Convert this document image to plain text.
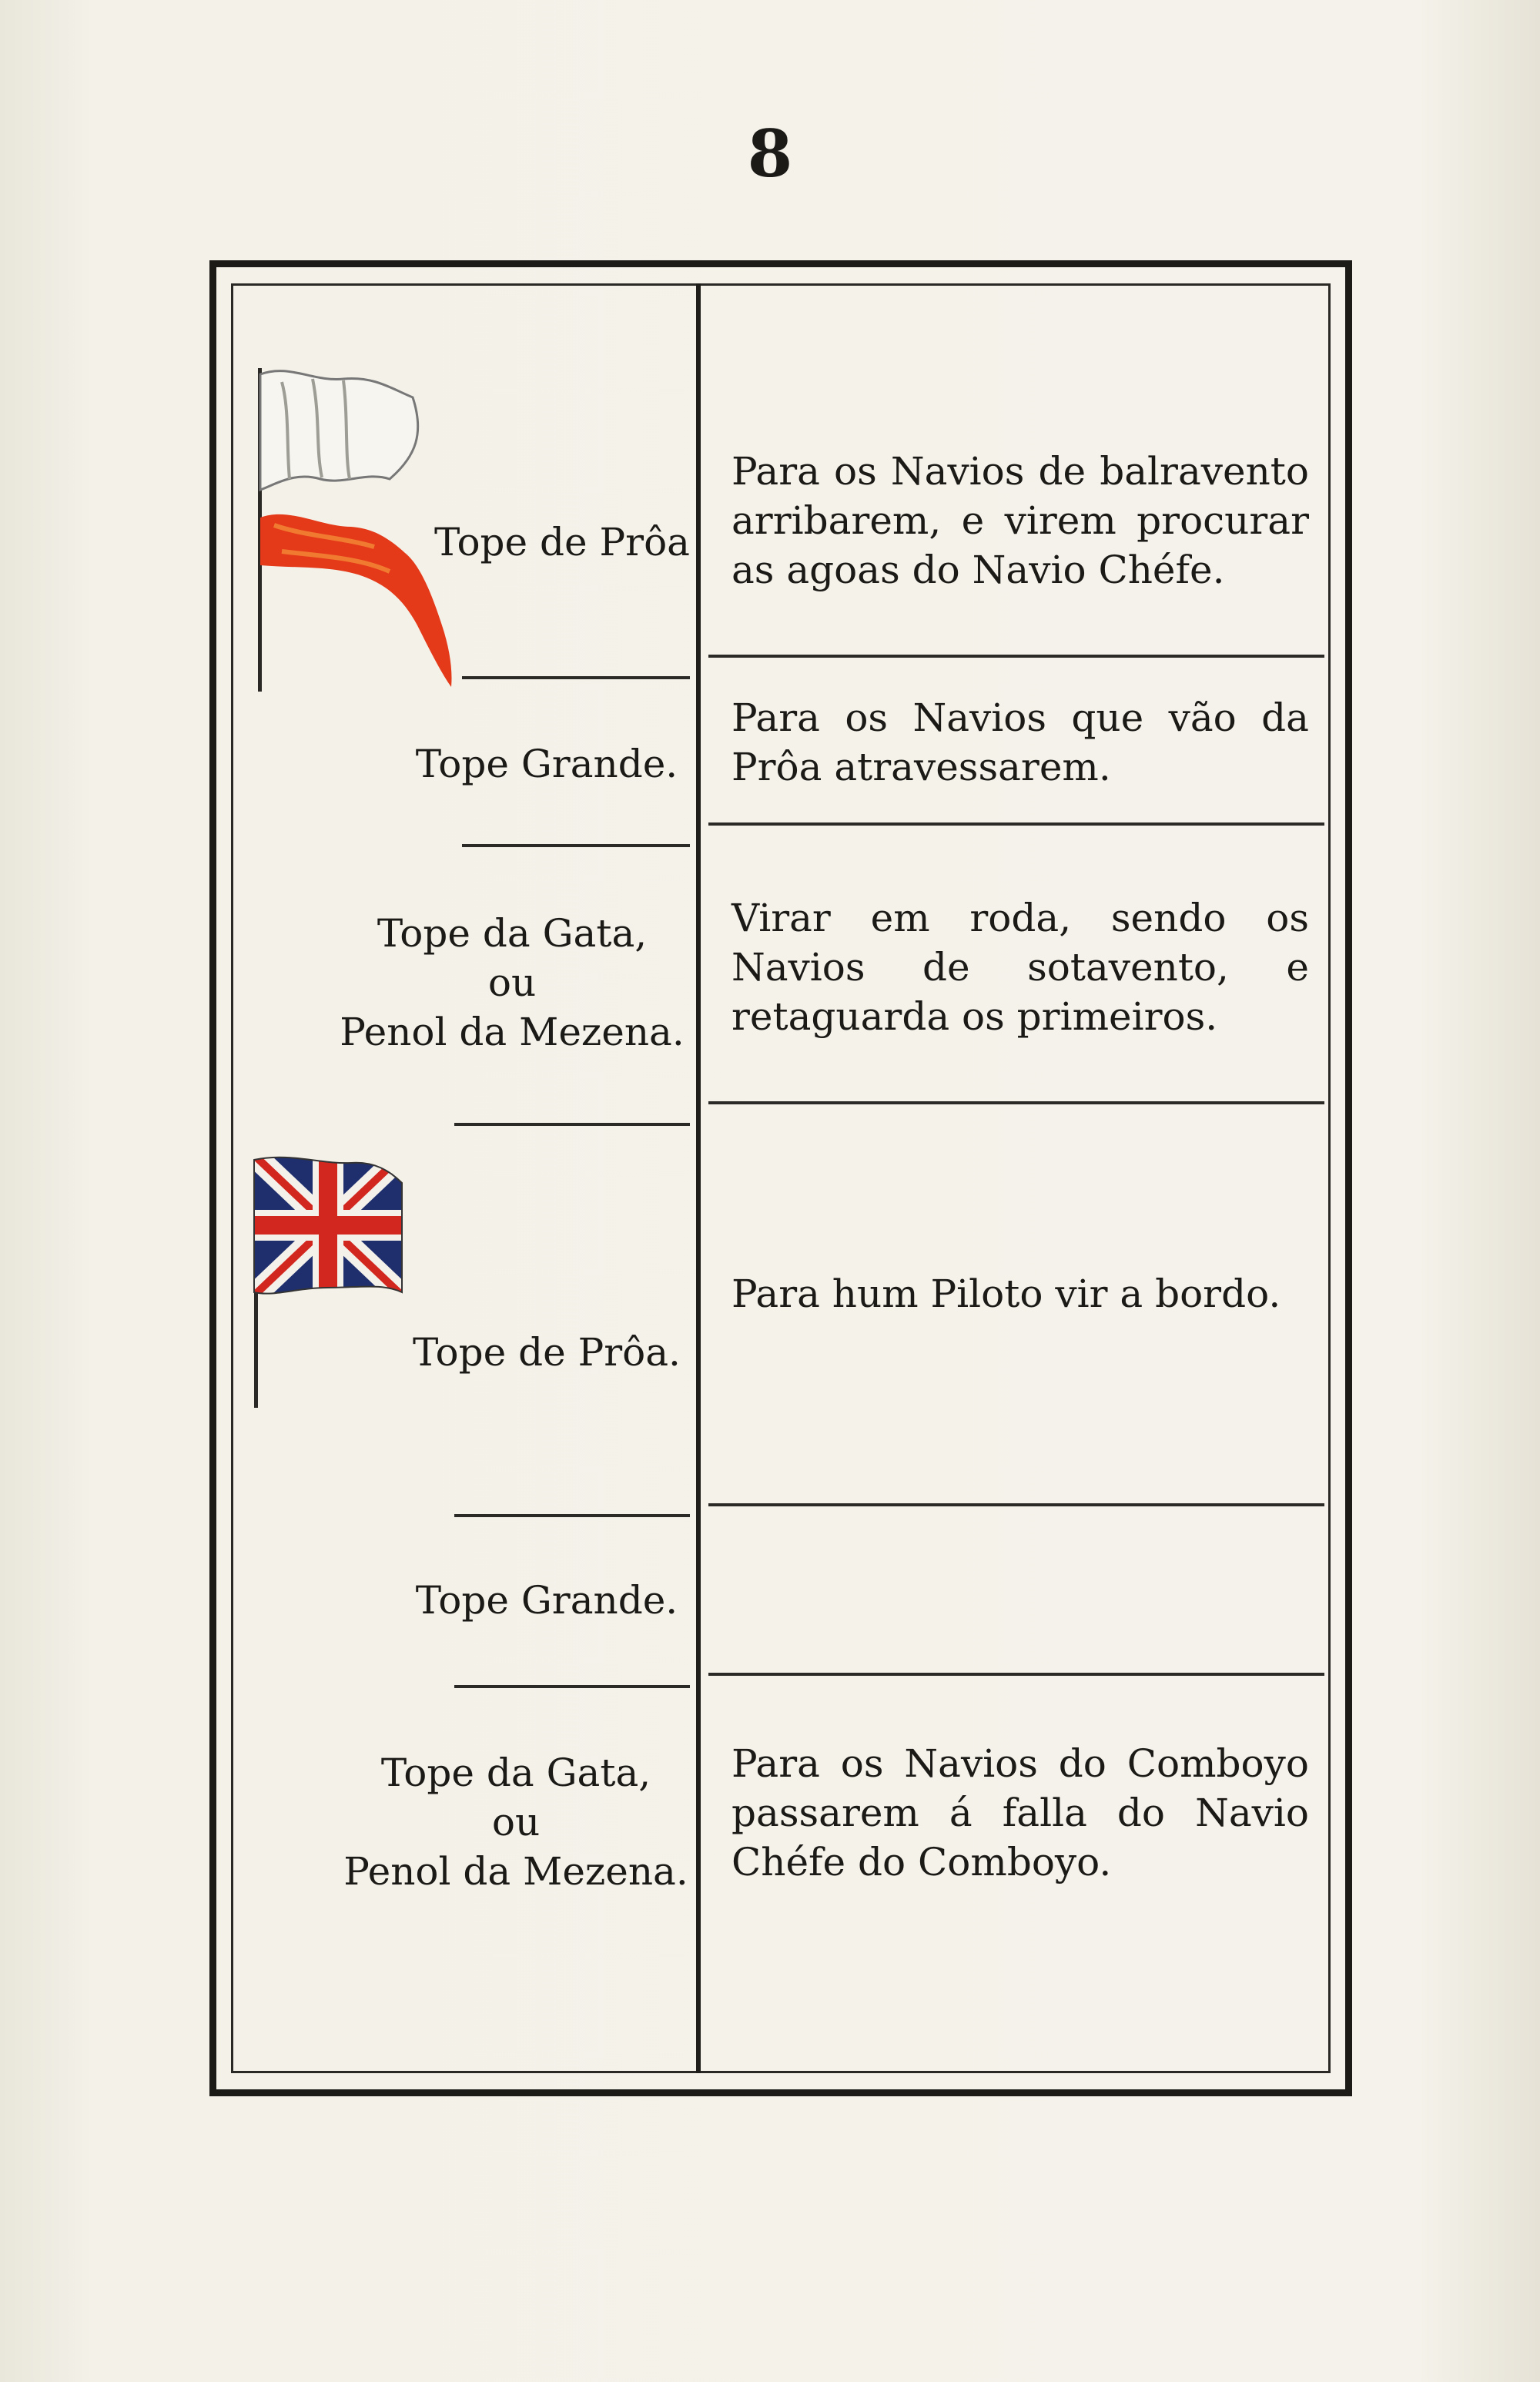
8
Tope de Prôa
Para os Navios de balravento arribarem, e virem procurar as agoas do Navio Chéfe.
Tope Grande.
Para os Navios que vão da Prôa atravessarem.
Tope da Gata,
ou
Penol da Mezena.
Virar em roda, sendo os Navios de sotavento, e retaguarda os primeiros.
Tope de Prôa.
Para hum Piloto vir a bordo.
Tope Grande.
Tope da Gata,
ou
Penol da Mezena.
Para os Navios do Comboyo passarem á falla do Navio Chéfe do Comboyo.
